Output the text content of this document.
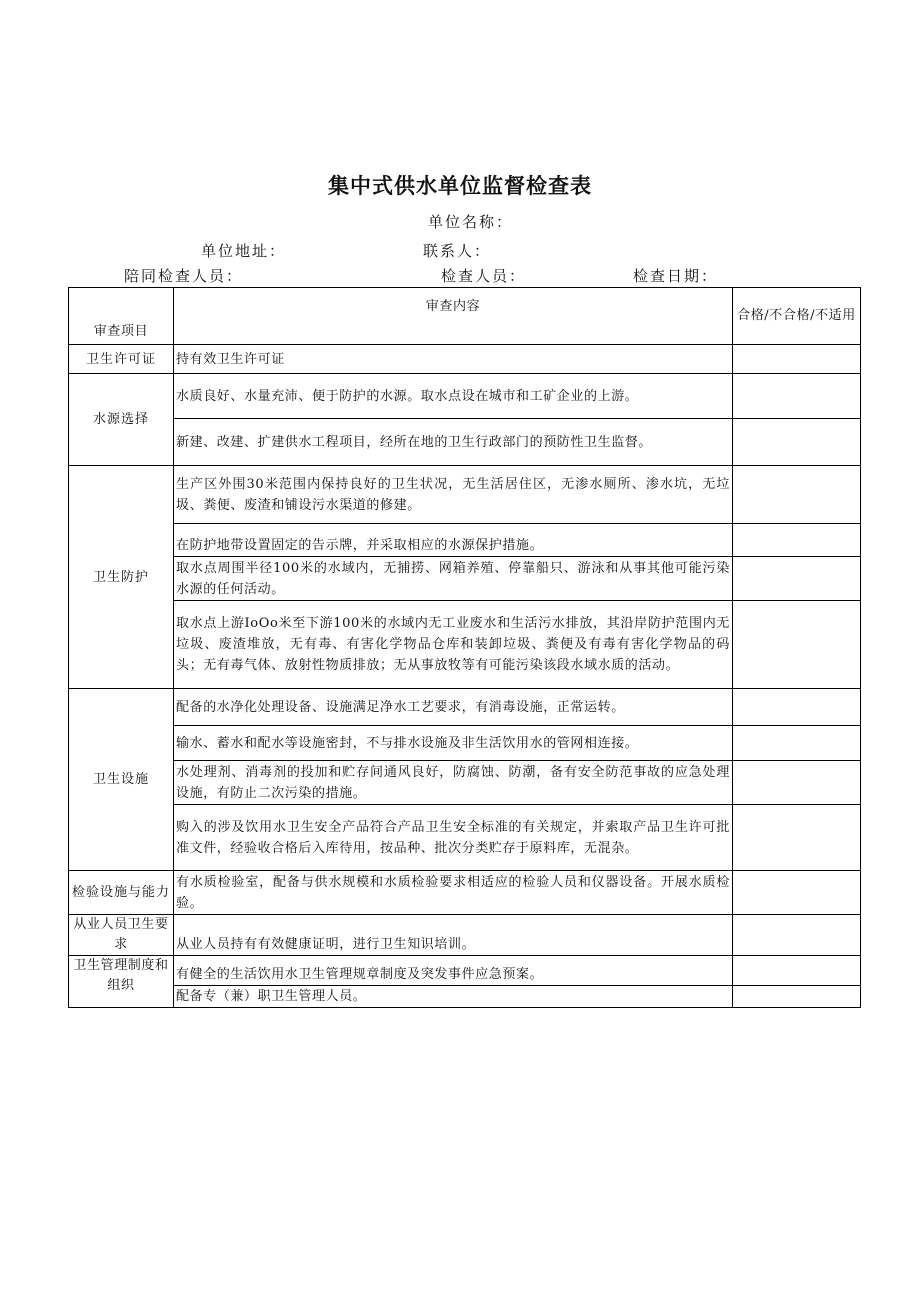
集中式供水单位监督检查表
单位名称：
单位地址：	联系人：
陪同检查人员：	检查人员：	检查日期：
审查项目	审查内容	合格/不合格/不适用
卫生许可证	持有效卫生许可证	
水源选择	水质良好、水量充沛、便于防护的水源。取水点设在城市和工矿企业的上游。	
	新建、改建、扩建供水工程项目，经所在地的卫生行政部门的预防性卫生监督。	
卫生防护	生产区外围30米范围内保持良好的卫生状况，无生活居住区，无渗水厕所、渗水坑，无垃圾、粪便、废渣和铺设污水渠道的修建。	
	在防护地带设置固定的告示牌，并采取相应的水源保护措施。	
	取水点周围半径100米的水域内，无捕捞、网箱养殖、停靠船只、游泳和从事其他可能污染水源的任何活动。	
	取水点上游IoOo米至下游100米的水域内无工业废水和生活污水排放，其沿岸防护范围内无垃圾、废渣堆放，无有毒、有害化学物品仓库和装卸垃圾、粪便及有毒有害化学物品的码头；无有毒气体、放射性物质排放；无从事放牧等有可能污染该段水域水质的活动。	
卫生设施	配备的水净化处理设备、设施满足净水工艺要求，有消毒设施，正常运转。	
	输水、蓄水和配水等设施密封，不与排水设施及非生活饮用水的管网相连接。	
	水处理剂、消毒剂的投加和贮存间通风良好，防腐蚀、防潮，备有安全防范事故的应急处理设施，有防止二次污染的措施。	
	购入的涉及饮用水卫生安全产品符合产品卫生安全标准的有关规定，并索取产品卫生许可批准文件，经验收合格后入库待用，按品种、批次分类贮存于原料库，无混杂。	
检验设施与能力	有水质检验室，配备与供水规模和水质检验要求相适应的检验人员和仪器设备。开展水质检验。	
从业人员卫生要求	从业人员持有有效健康证明，进行卫生知识培训。	
卫生管理制度和组织	有健全的生活饮用水卫生管理规章制度及突发事件应急预案。	
	配备专（兼）职卫生管理人员。	
